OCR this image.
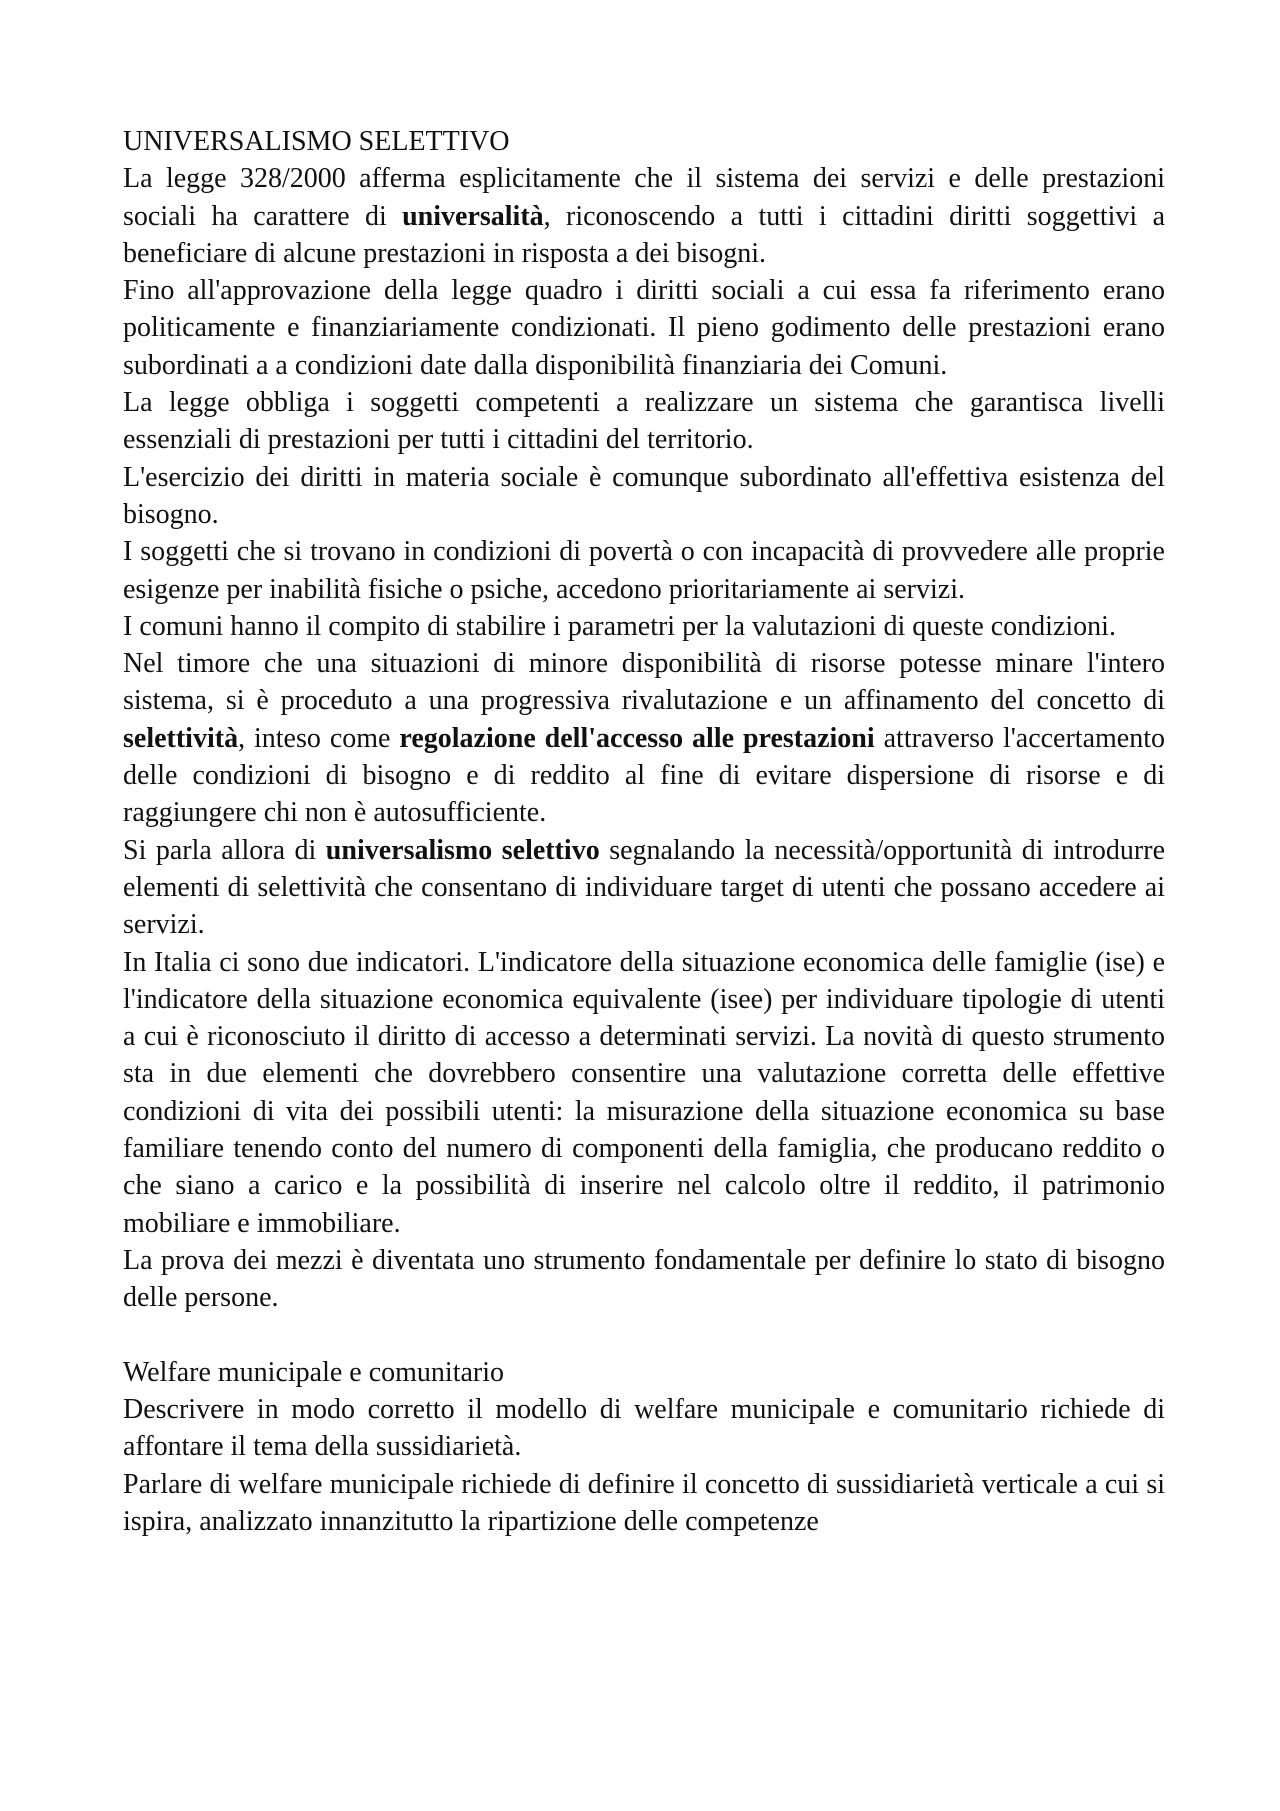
UNIVERSALISMO SELETTIVO

La legge 328/2000 afferma esplicitamente che il sistema dei servizi e delle prestazioni sociali ha carattere di universalità, riconoscendo a tutti i cittadini diritti soggettivi a beneficiare di alcune prestazioni in risposta a dei bisogni.

Fino all'approvazione della legge quadro i diritti sociali a cui essa fa riferimento erano politicamente e finanziariamente condizionati. Il pieno godimento delle prestazioni erano subordinati a a condizioni date dalla disponibilità finanziaria dei Comuni.

La legge obbliga i soggetti competenti a realizzare un sistema che garantisca livelli essenziali di prestazioni per tutti i cittadini del territorio.

L'esercizio dei diritti in materia sociale è comunque subordinato all'effettiva esistenza del bisogno.

I soggetti che si trovano in condizioni di povertà o con incapacità di provvedere alle proprie esigenze per inabilità fisiche o psiche, accedono prioritariamente ai servizi.

I comuni hanno il compito di stabilire i parametri per la valutazioni di queste condizioni.

Nel timore che una situazioni di minore disponibilità di risorse potesse minare l'intero sistema, si è proceduto a una progressiva rivalutazione e un affinamento del concetto di selettività, inteso come regolazione dell'accesso alle prestazioni attraverso l'accertamento delle condizioni di bisogno e di reddito al fine di evitare dispersione di risorse e di raggiungere chi non è autosufficiente.

Si parla allora di universalismo selettivo segnalando la necessità/opportunità di introdurre elementi di selettività che consentano di individuare target di utenti che possano accedere ai servizi.

In Italia ci sono due indicatori. L'indicatore della situazione economica delle famiglie (ise) e l'indicatore della situazione economica equivalente (isee) per individuare tipologie di utenti a cui è riconosciuto il diritto di accesso a determinati servizi. La novità di questo strumento sta in due elementi che dovrebbero consentire una valutazione corretta delle effettive condizioni di vita dei possibili utenti: la misurazione della situazione economica su base familiare tenendo conto del numero di componenti della famiglia, che producano reddito o che siano a carico e la possibilità di inserire nel calcolo oltre il reddito, il patrimonio mobiliare e immobiliare.

La prova dei mezzi è diventata uno strumento fondamentale per definire lo stato di bisogno delle persone.

Welfare municipale e comunitario

Descrivere in modo corretto il modello di welfare municipale e comunitario richiede di affontare il tema della sussidiarietà.

Parlare di welfare municipale richiede di definire il concetto di sussidiarietà verticale a cui si ispira, analizzato innanzitutto la ripartizione delle competenze
